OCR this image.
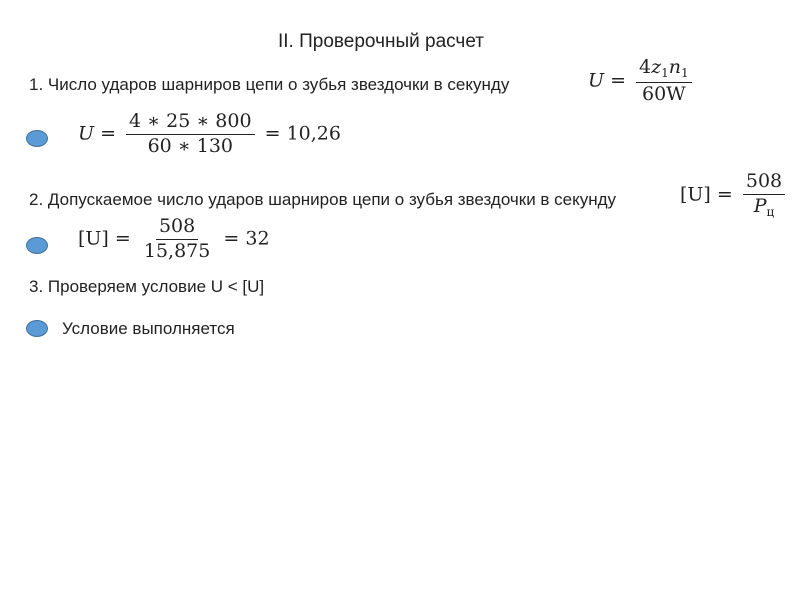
II. Проверочный расчет
1. Число ударов шарниров цепи о зубья звездочки в секунду	$U = \frac{4z_1n_1}{60W}$
$U = \frac{4 ∗ 25 ∗ 800}{60 ∗ 130} = 10,26$
2. Допускаемое число ударов шарниров цепи о зубья звездочки в секунду	$[U] = \frac{508}{P_ц}$
$[U] = \frac{508}{15,875} = 32$
3. Проверяем условие U < [U]
Условие выполняется
